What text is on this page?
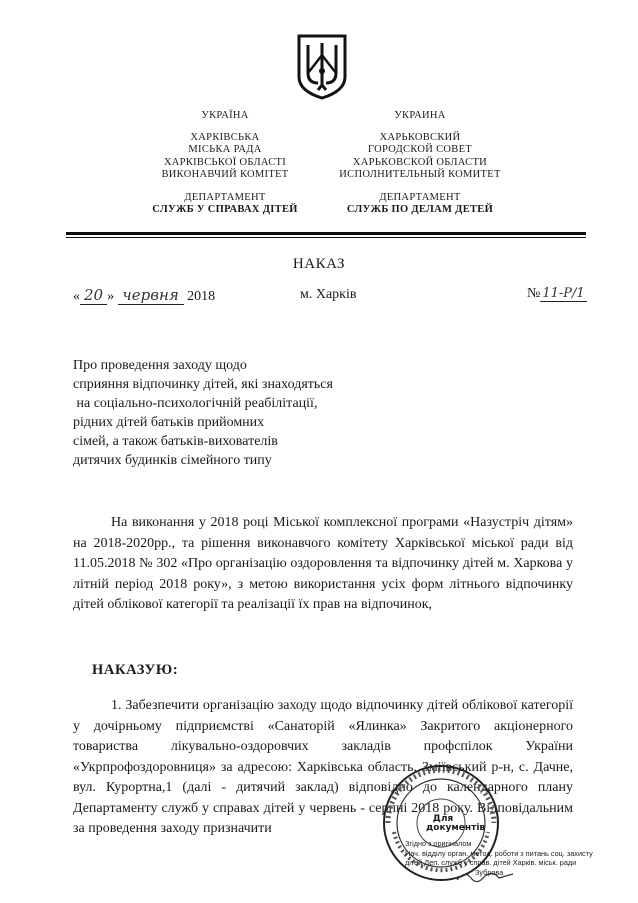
УКРАЇНА
ХАРКІВСЬКА
МІСЬКА РАДА
ХАРКІВСЬКОЇ ОБЛАСТІ
ВИКОНАВЧИЙ КОМІТЕТ
ДЕПАРТАМЕНТ
СЛУЖБ У СПРАВАХ ДІТЕЙ
УКРАИНА
ХАРЬКОВСКИЙ
ГОРОДСКОЙ СОВЕТ
ХАРЬКОВСКОЙ ОБЛАСТИ
ИСПОЛНИТЕЛЬНЫЙ КОМИТЕТ
ДЕПАРТАМЕНТ
СЛУЖБ ПО ДЕЛАМ ДЕТЕЙ
НАКАЗ
« 20 » червня 2018	м. Харків	№ 11-Р/1
Про проведення заходу щодо
сприяння відпочинку дітей, які знаходяться
на соціально-психологічній реабілітації,
рідних дітей батьків прийомних
сімей, а також батьків-вихователів
дитячих будинків сімейного типу
На виконання у 2018 році Міської комплексної програми «Назустріч дітям» на 2018-2020рр., та рішення виконавчого комітету Харківської міської ради від 11.05.2018 № 302 «Про організацію оздоровлення та відпочинку дітей м. Харкова у літній період 2018 року», з метою використання усіх форм літнього відпочинку дітей облікової категорії та реалізації їх прав на відпочинок,
НАКАЗУЮ:
1. Забезпечити організацію заходу щодо відпочинку дітей облікової категорії у дочірньому підприємстві «Санаторій «Ялинка» Закритого акціонерного товариства лікувально-оздоровчих закладів профспілок України «Укрпрофоздоровниця» за адресою: Харківська область, Зміївський р-н, с. Дачне, вул. Курортна,1 (далі - дитячий заклад) відповідно до календарного плану Департаменту служб у справах дітей у червень - серпні 2018 року. Відповідальним за проведення заходу призначити
Для документів
Згідно з оригіналом
Нач. відділу орган. метод. роботи з питань соц. захисту
дітей Деп. служб у справ. дітей Харків. міськ. ради
Зуброва
